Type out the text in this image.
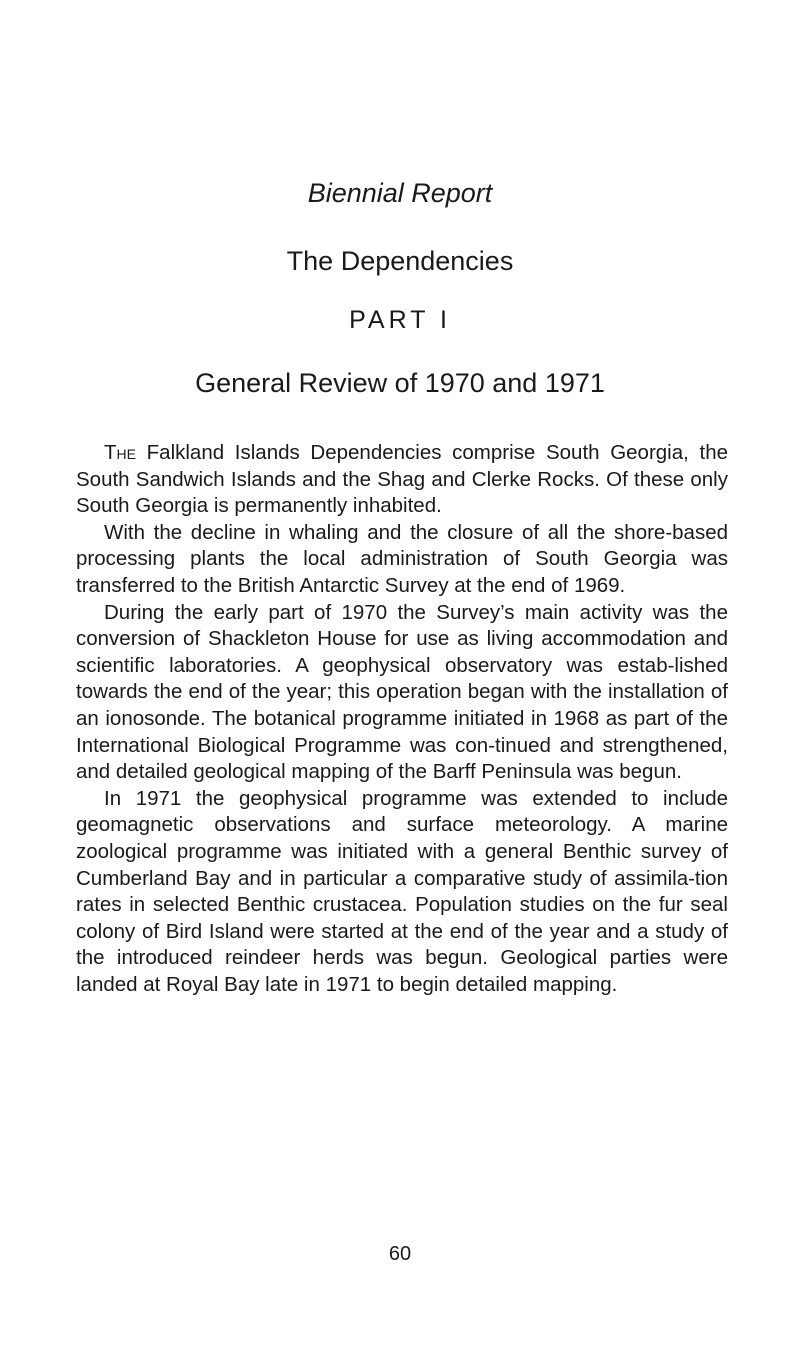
Biennial Report
The Dependencies
PART I
General Review of 1970 and 1971

The Falkland Islands Dependencies comprise South Georgia, the South Sandwich Islands and the Shag and Clerke Rocks. Of these only South Georgia is permanently inhabited.

With the decline in whaling and the closure of all the shore-based processing plants the local administration of South Georgia was transferred to the British Antarctic Survey at the end of 1969.

During the early part of 1970 the Survey’s main activity was the conversion of Shackleton House for use as living accommodation and scientific laboratories. A geophysical observatory was estab-lished towards the end of the year; this operation began with the installation of an ionosonde. The botanical programme initiated in 1968 as part of the International Biological Programme was con-tinued and strengthened, and detailed geological mapping of the Barff Peninsula was begun.

In 1971 the geophysical programme was extended to include geomagnetic observations and surface meteorology. A marine zoological programme was initiated with a general Benthic survey of Cumberland Bay and in particular a comparative study of assimila-tion rates in selected Benthic crustacea. Population studies on the fur seal colony of Bird Island were started at the end of the year and a study of the introduced reindeer herds was begun. Geological parties were landed at Royal Bay late in 1971 to begin detailed mapping.

60
